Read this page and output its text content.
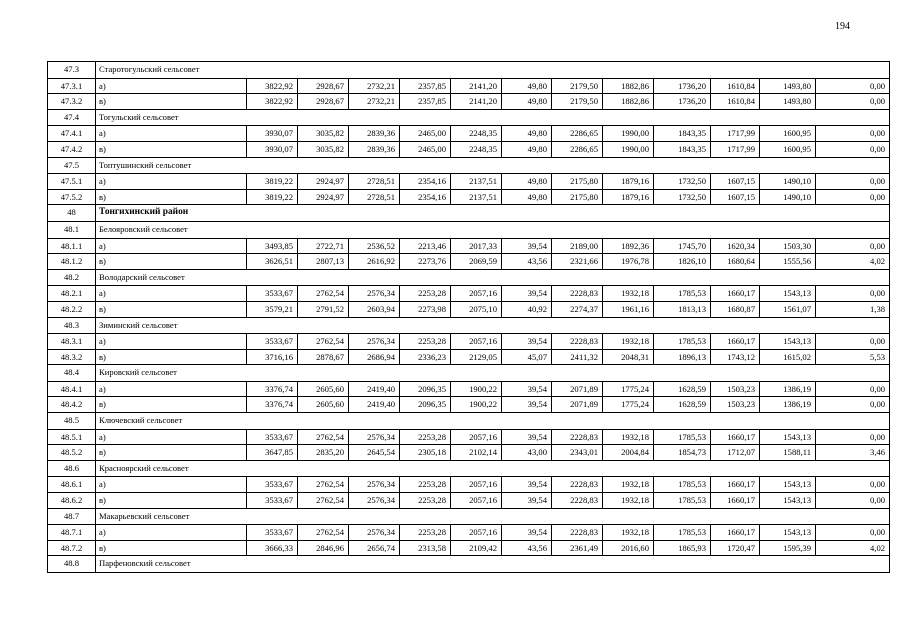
194
47.3	Старотогульский сельсовет												
47.3.1	а)	3822,92	2928,67	2732,21	2357,85	2141,20	49,80	2179,50	1882,86	1736,20	1610,84	1493,80	0,00
47.3.2	в)	3822,92	2928,67	2732,21	2357,85	2141,20	49,80	2179,50	1882,86	1736,20	1610,84	1493,80	0,00
47.4	Тогульский сельсовет												
47.4.1	а)	3930,07	3035,82	2839,36	2465,00	2248,35	49,80	2286,65	1990,00	1843,35	1717,99	1600,95	0,00
47.4.2	в)	3930,07	3035,82	2839,36	2465,00	2248,35	49,80	2286,65	1990,00	1843,35	1717,99	1600,95	0,00
47.5	Топтушинский сельсовет												
47.5.1	а)	3819,22	2924,97	2728,51	2354,16	2137,51	49,80	2175,80	1879,16	1732,50	1607,15	1490,10	0,00
47.5.2	в)	3819,22	2924,97	2728,51	2354,16	2137,51	49,80	2175,80	1879,16	1732,50	1607,15	1490,10	0,00
48	Тонгихинский район												
48.1	Белояровский сельсовет												
48.1.1	а)	3493,85	2722,71	2536,52	2213,46	2017,33	39,54	2189,00	1892,36	1745,70	1620,34	1503,30	0,00
48.1.2	в)	3626,51	2807,13	2616,92	2273,76	2069,59	43,56	2321,66	1976,78	1826,10	1680,64	1555,56	4,02
48.2	Володарский сельсовет												
48.2.1	а)	3533,67	2762,54	2576,34	2253,28	2057,16	39,54	2228,83	1932,18	1785,53	1660,17	1543,13	0,00
48.2.2	в)	3579,21	2791,52	2603,94	2273,98	2075,10	40,92	2274,37	1961,16	1813,13	1680,87	1561,07	1,38
48.3	Зиминский сельсовет												
48.3.1	а)	3533,67	2762,54	2576,34	2253,28	2057,16	39,54	2228,83	1932,18	1785,53	1660,17	1543,13	0,00
48.3.2	в)	3716,16	2878,67	2686,94	2336,23	2129,05	45,07	2411,32	2048,31	1896,13	1743,12	1615,02	5,53
48.4	Кировский сельсовет												
48.4.1	а)	3376,74	2605,60	2419,40	2096,35	1900,22	39,54	2071,89	1775,24	1628,59	1503,23	1386,19	0,00
48.4.2	в)	3376,74	2605,60	2419,40	2096,35	1900,22	39,54	2071,89	1775,24	1628,59	1503,23	1386,19	0,00
48.5	Ключевский сельсовет												
48.5.1	а)	3533,67	2762,54	2576,34	2253,28	2057,16	39,54	2228,83	1932,18	1785,53	1660,17	1543,13	0,00
48.5.2	в)	3647,85	2835,20	2645,54	2305,18	2102,14	43,00	2343,01	2004,84	1854,73	1712,07	1588,11	3,46
48.6	Красноярский сельсовет												
48.6.1	а)	3533,67	2762,54	2576,34	2253,28	2057,16	39,54	2228,83	1932,18	1785,53	1660,17	1543,13	0,00
48.6.2	в)	3533,67	2762,54	2576,34	2253,28	2057,16	39,54	2228,83	1932,18	1785,53	1660,17	1543,13	0,00
48.7	Макарьевский сельсовет												
48.7.1	а)	3533,67	2762,54	2576,34	2253,28	2057,16	39,54	2228,83	1932,18	1785,53	1660,17	1543,13	0,00
48.7.2	в)	3666,33	2846,96	2656,74	2313,58	2109,42	43,56	2361,49	2016,60	1865,93	1720,47	1595,39	4,02
48.8	Парфеновский сельсовет												
